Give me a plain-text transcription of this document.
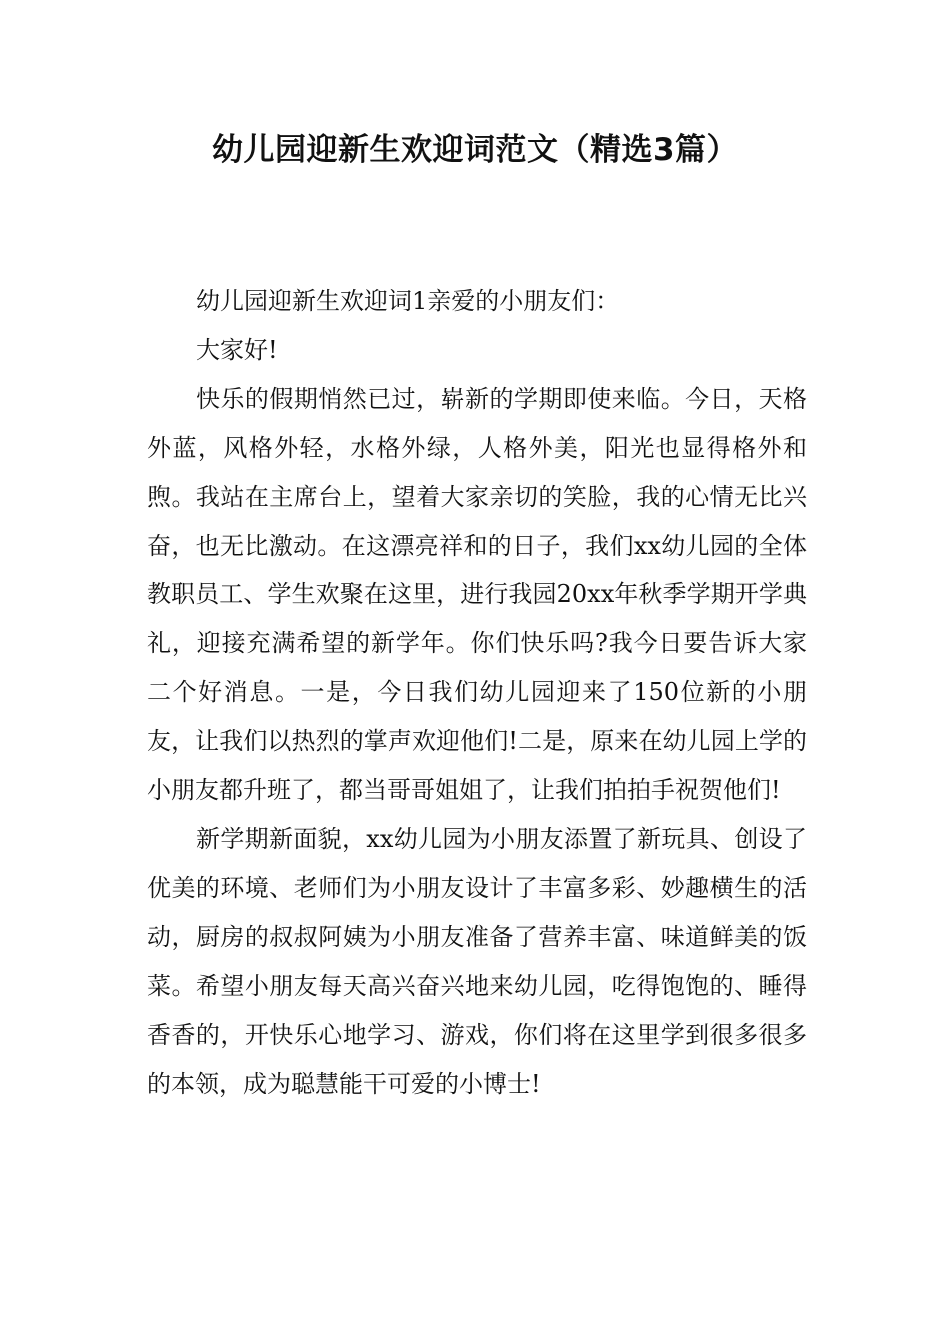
幼儿园迎新生欢迎词范文（精选3篇）

幼儿园迎新生欢迎词1亲爱的小朋友们：

大家好!

快乐的假期悄然已过，崭新的学期即使来临。今日，天格外蓝，风格外轻，水格外绿，人格外美，阳光也显得格外和煦。我站在主席台上，望着大家亲切的笑脸，我的心情无比兴奋，也无比激动。在这漂亮祥和的日子，我们xx幼儿园的全体教职员工、学生欢聚在这里，进行我园20xx年秋季学期开学典礼，迎接充满希望的新学年。你们快乐吗?我今日要告诉大家二个好消息。一是，今日我们幼儿园迎来了150位新的小朋友，让我们以热烈的掌声欢迎他们!二是，原来在幼儿园上学的小朋友都升班了，都当哥哥姐姐了，让我们拍拍手祝贺他们!

新学期新面貌，xx幼儿园为小朋友添置了新玩具、创设了优美的环境、老师们为小朋友设计了丰富多彩、妙趣横生的活动，厨房的叔叔阿姨为小朋友准备了营养丰富、味道鲜美的饭菜。希望小朋友每天高兴奋兴地来幼儿园，吃得饱饱的、睡得香香的，开快乐心地学习、游戏，你们将在这里学到很多很多的本领，成为聪慧能干可爱的小博士!
